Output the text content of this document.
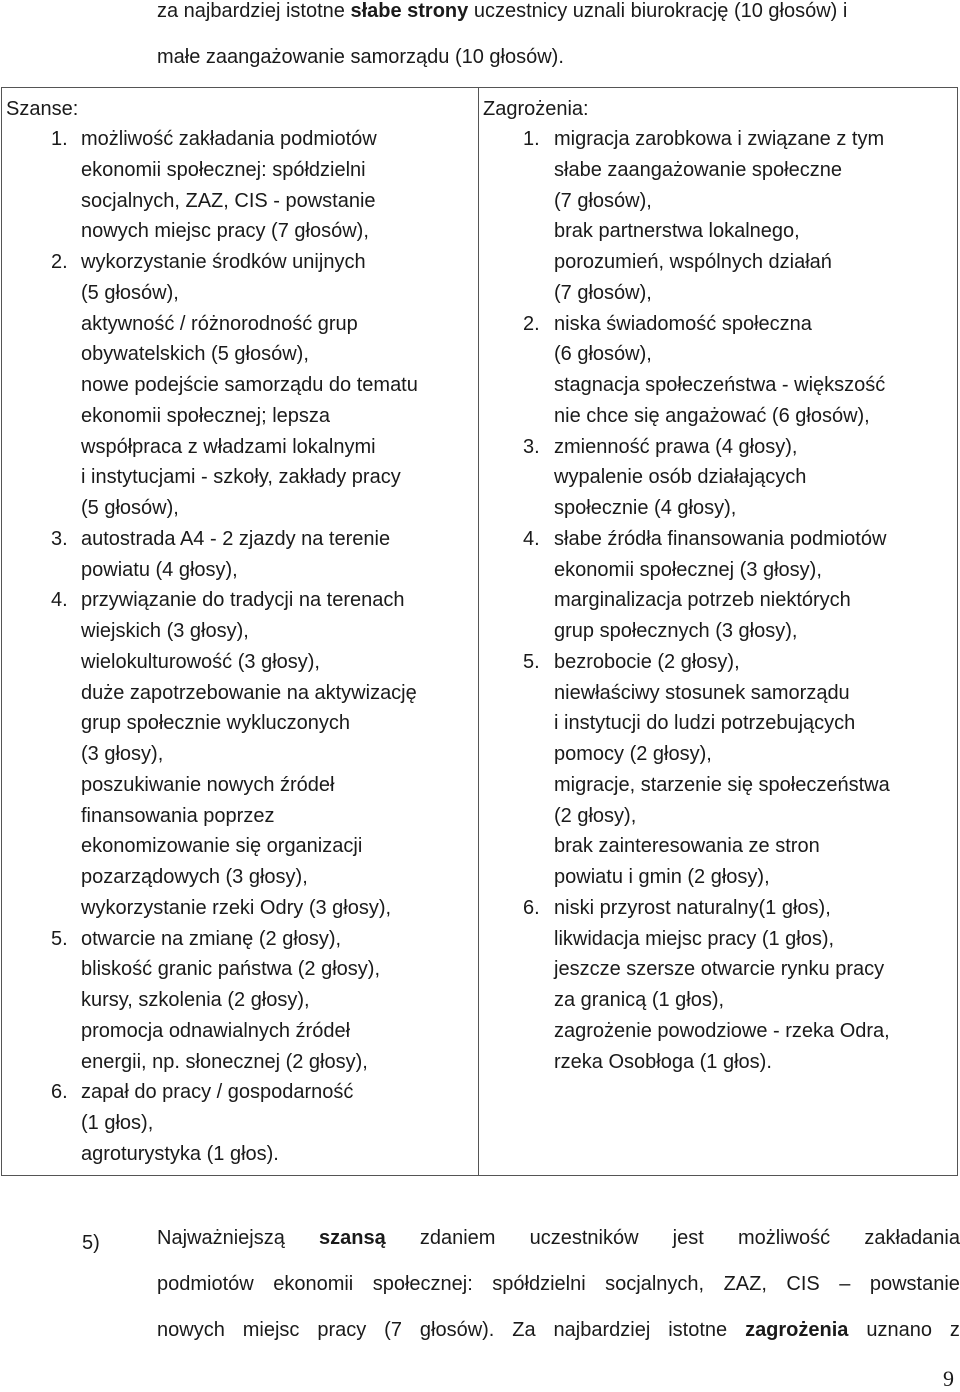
za najbardziej istotne słabe strony uczestnicy uznali biurokrację (10 głosów) i
małe zaangażowanie samorządu (10 głosów).

Szanse:

1. możliwość zakładania podmiotów
ekonomii społecznej: spółdzielni
socjalnych, ZAZ, CIS - powstanie
nowych miejsc pracy (7 głosów),
2. wykorzystanie środków unijnych
(5 głosów),
aktywność / różnorodność grup
obywatelskich (5 głosów),
nowe podejście samorządu do tematu
ekonomii społecznej; lepsza
współpraca z władzami lokalnymi
i instytucjami - szkoły, zakłady pracy
(5 głosów),
3. autostrada A4 - 2 zjazdy na terenie
powiatu (4 głosy),
4. przywiązanie do tradycji na terenach
wiejskich (3 głosy),
wielokulturowość (3 głosy),
duże zapotrzebowanie na aktywizację
grup społecznie wykluczonych
(3 głosy),
poszukiwanie nowych źródeł
finansowania poprzez
ekonomizowanie się organizacji
pozarządowych (3 głosy),
wykorzystanie rzeki Odry (3 głosy),
5. otwarcie na zmianę (2 głosy),
bliskość granic państwa (2 głosy),
kursy, szkolenia (2 głosy),
promocja odnawialnych źródeł
energii, np. słonecznej (2 głosy),
6. zapał do pracy / gospodarność
(1 głos),
agroturystyka (1 głos).

Zagrożenia:

1. migracja zarobkowa i związane z tym
słabe zaangażowanie społeczne
(7 głosów),
brak partnerstwa lokalnego,
porozumień, wspólnych działań
(7 głosów),
2. niska świadomość społeczna
(6 głosów),
stagnacja społeczeństwa - większość
nie chce się angażować (6 głosów),
3. zmienność prawa (4 głosy),
wypalenie osób działających
społecznie (4 głosy),
4. słabe źródła finansowania podmiotów
ekonomii społecznej (3 głosy),
marginalizacja potrzeb niektórych
grup społecznych (3 głosy),
5. bezrobocie (2 głosy),
niewłaściwy stosunek samorządu
i instytucji do ludzi potrzebujących
pomocy (2 głosy),
migracje, starzenie się społeczeństwa
(2 głosy),
brak zainteresowania ze stron
powiatu i gmin (2 głosy),
6. niski przyrost naturalny(1 głos),
likwidacja miejsc pracy (1 głos),
jeszcze szersze otwarcie rynku pracy
za granicą (1 głos),
zagrożenie powodziowe - rzeka Odra,
rzeka Osobłoga (1 głos).
5)	Najważniejszą szansą zdaniem uczestników jest możliwość zakładania
podmiotów ekonomii społecznej: spółdzielni socjalnych, ZAZ, CIS – powstanie
nowych miejsc pracy (7 głosów). Za najbardziej istotne zagrożenia uznano z
9
